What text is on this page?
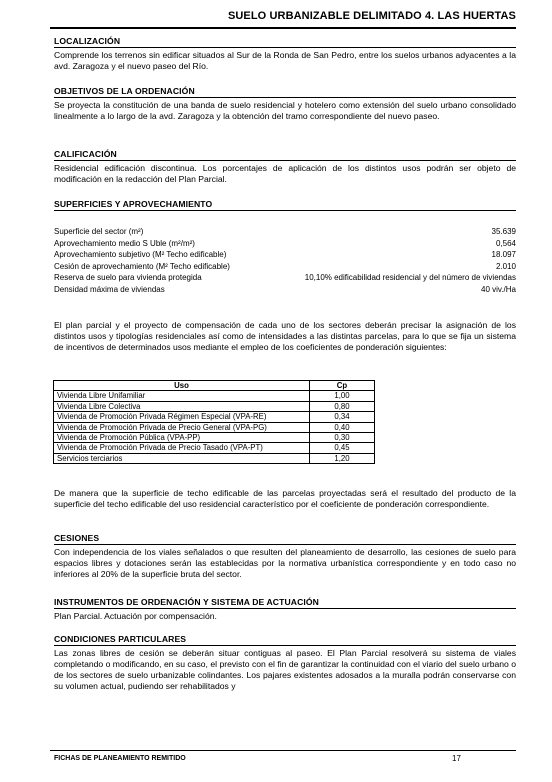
SUELO URBANIZABLE DELIMITADO 4. LAS HUERTAS
LOCALIZACIÓN
Comprende los terrenos sin edificar situados al Sur de la Ronda de San Pedro, entre los suelos urbanos adyacentes a la avd. Zaragoza y el nuevo paseo del Río.
OBJETIVOS DE LA ORDENACIÓN
Se proyecta la constitución de una banda de suelo residencial y hotelero como extensión del suelo urbano consolidado linealmente a lo largo de la avd. Zaragoza y la obtención del tramo correspondiente del nuevo paseo.
CALIFICACIÓN
Residencial edificación discontinua. Los porcentajes de aplicación de los distintos usos podrán ser objeto de modificación en la redacción del Plan Parcial.
SUPERFICIES Y APROVECHAMIENTO
Superficie del sector (m²)	35.639
Aprovechamiento medio S Uble (m²/m²)	0,564
Aprovechamiento subjetivo (M² Techo edificable)	18.097
Cesión de aprovechamiento (M² Techo edificable)	2.010
Reserva de suelo para vivienda protegida	10,10% edificabilidad residencial y del número de viviendas
Densidad máxima de viviendas	40 viv./Ha
El plan parcial y el proyecto de compensación de cada uno de los sectores deberán precisar la asignación de los distintos usos y tipologías residenciales así como de intensidades a las distintas parcelas, para lo que se fija un sistema de incentivos de determinados usos mediante el empleo de los coeficientes de ponderación siguientes:
Uso	Cp
Vivienda Libre Unifamiliar	1,00
Vivienda Libre Colectiva	0,80
Vivienda de Promoción Privada Régimen Especial (VPA-RE)	0,34
Vivienda de Promoción Privada de Precio General (VPA-PG)	0,40
Vivienda de Promoción Pública (VPA-PP)	0,30
Vivienda de Promoción Privada de Precio Tasado (VPA-PT)	0,45
Servicios terciarios	1,20
De manera que la superficie de techo edificable de las parcelas proyectadas será el resultado del producto de la superficie del techo edificable del uso residencial característico por el coeficiente de ponderación correspondiente.
CESIONES
Con independencia de los viales señalados o que resulten del planeamiento de desarrollo, las cesiones de suelo para espacios libres y dotaciones serán las establecidas por la normativa urbanística correspondiente y en todo caso no inferiores al 20% de la superficie bruta del sector.
INSTRUMENTOS DE ORDENACIÓN Y SISTEMA DE ACTUACIÓN
Plan Parcial. Actuación por compensación.
CONDICIONES PARTICULARES
Las zonas libres de cesión se deberán situar contiguas al paseo. El Plan Parcial resolverá su sistema de viales completando o modificando, en su caso, el previsto con el fin de garantizar la continuidad con el viario del suelo urbano o de los sectores de suelo urbanizable colindantes. Los pajares existentes adosados a la muralla podrán conservarse con su volumen actual, pudiendo ser rehabilitados y
FICHAS DE PLANEAMIENTO REMITIDO	17
